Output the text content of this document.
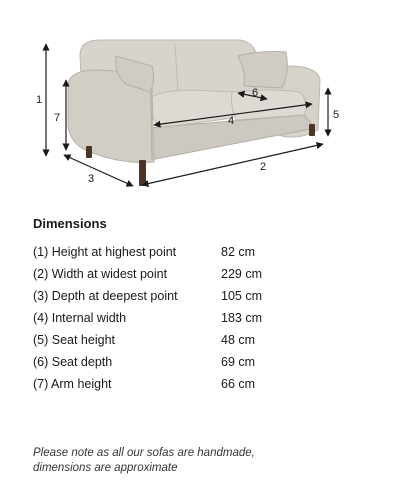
1
7
3
2
5
4
6
Dimensions
(1) Height at highest point	82 cm
(2) Width at widest point	229 cm
(3) Depth at deepest point	105 cm
(4) Internal width	183 cm
(5) Seat height	48 cm
(6) Seat depth	69 cm
(7) Arm height	66 cm

Please note as all our sofas are handmade,
dimensions are approximate
